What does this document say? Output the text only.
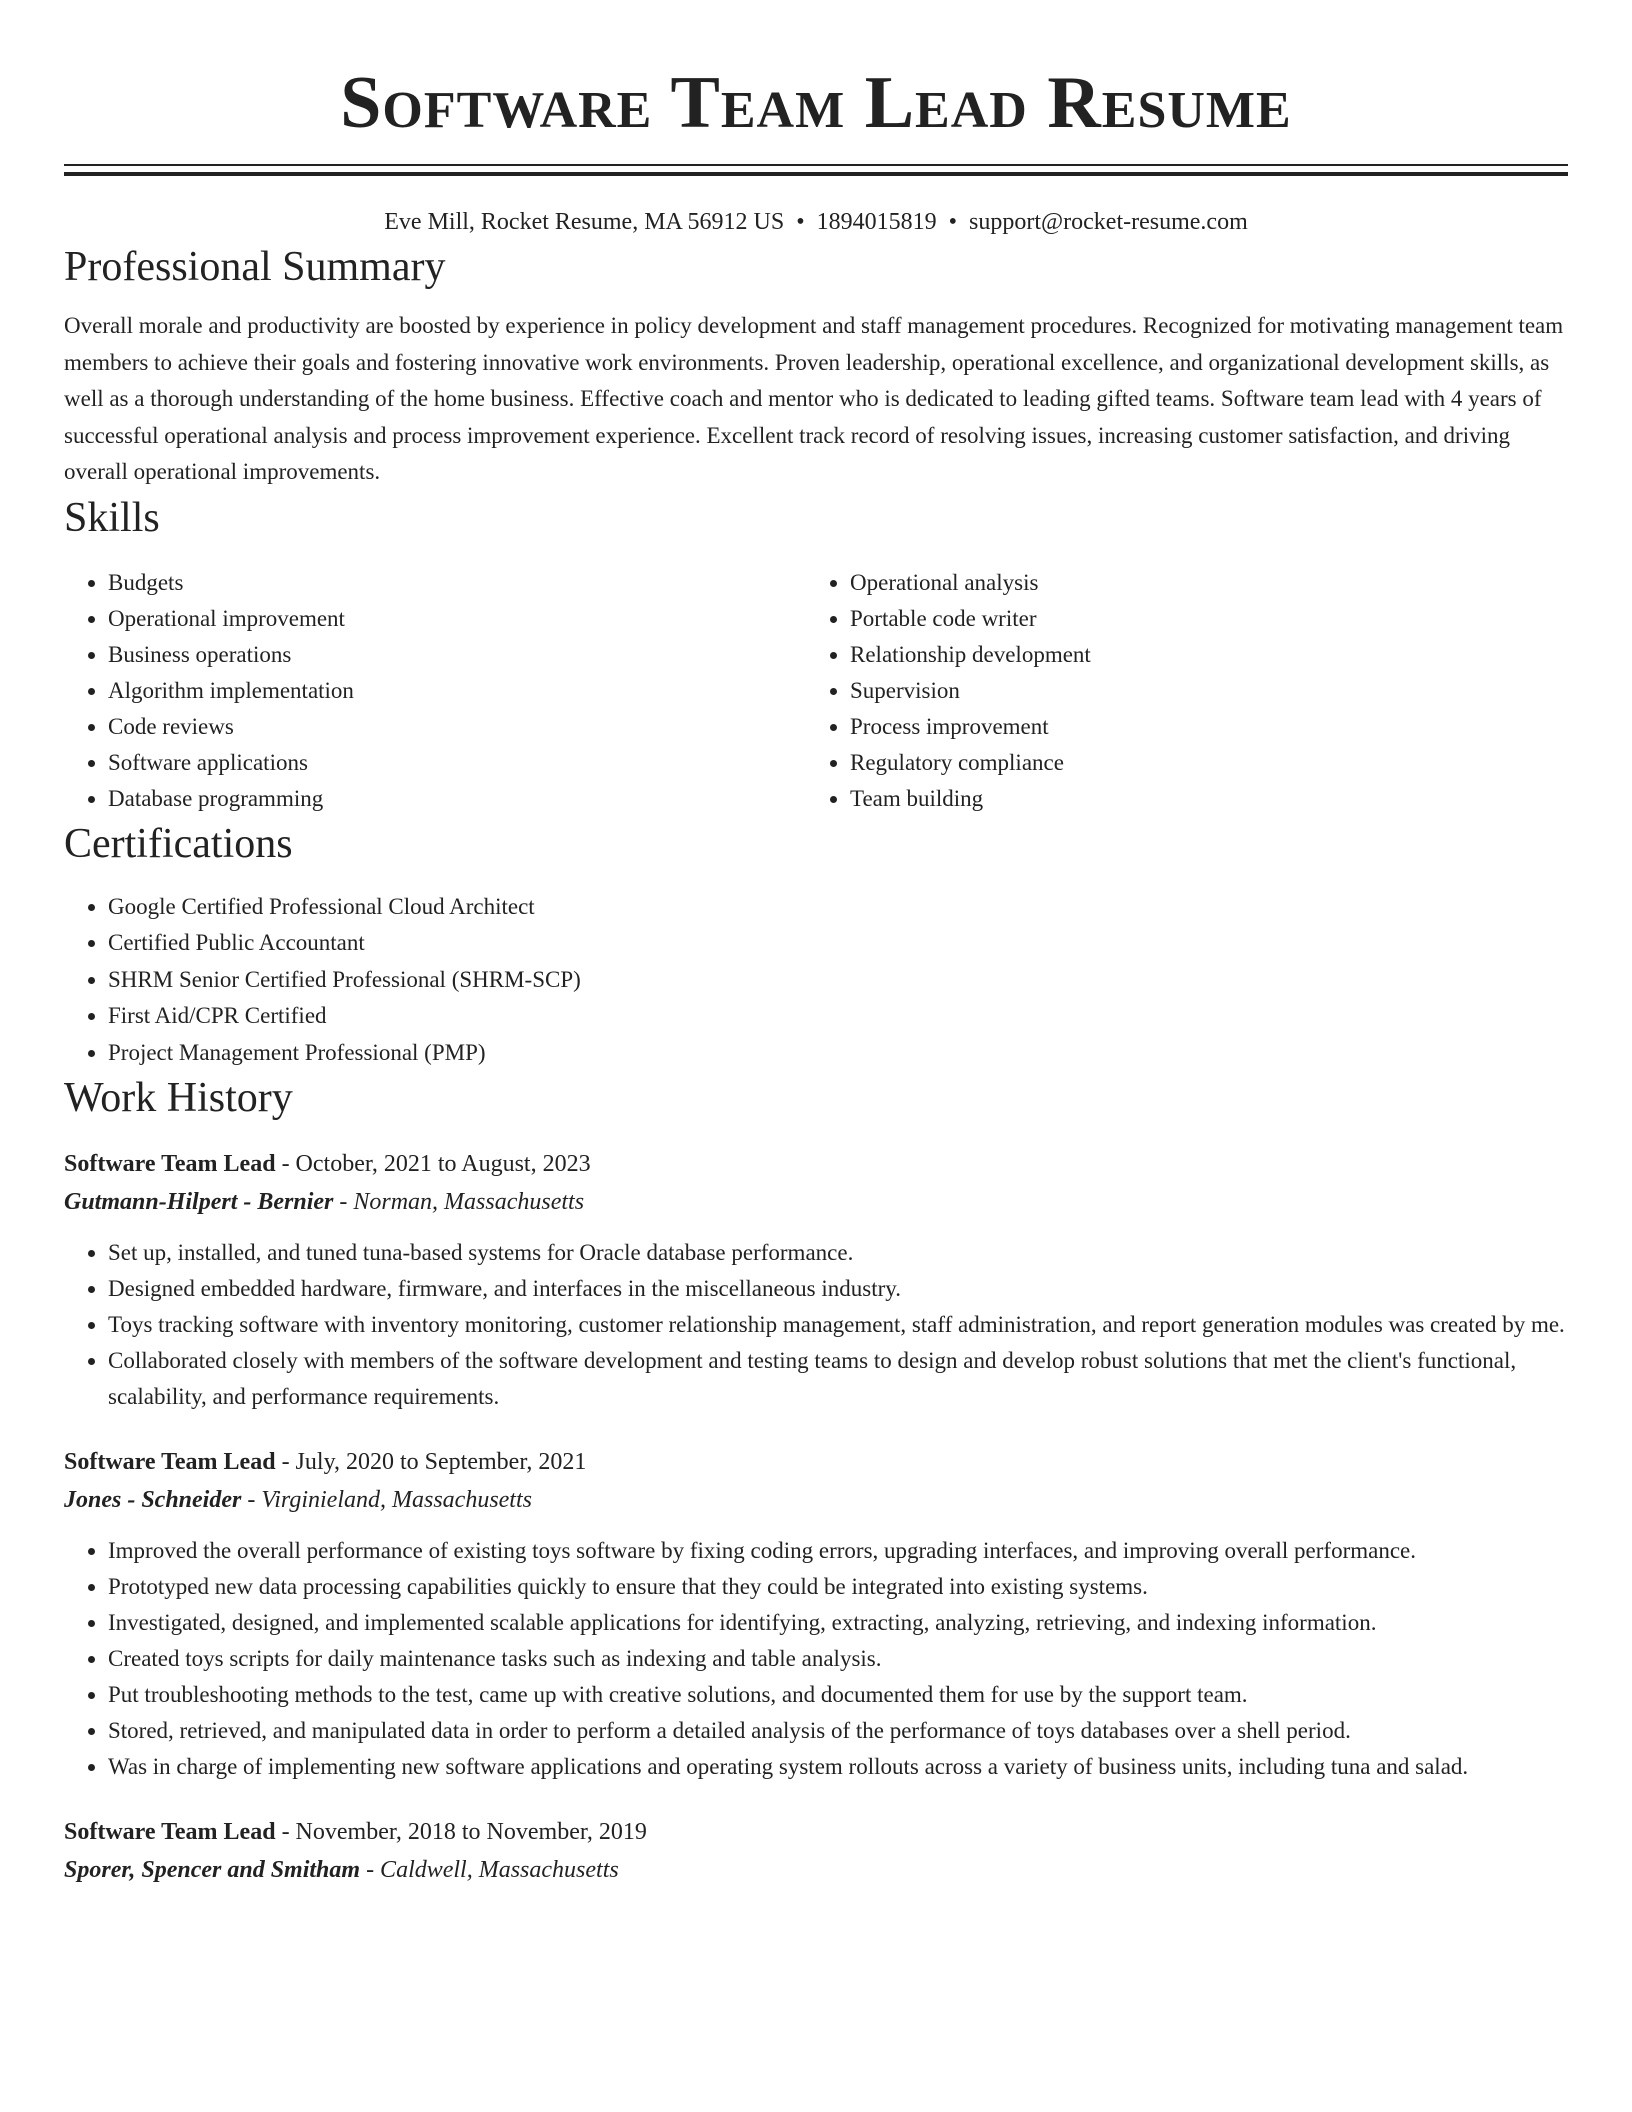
Software Team Lead Resume
Eve Mill, Rocket Resume, MA 56912 US • 1894015819 • support@rocket-resume.com
Professional Summary

Overall morale and productivity are boosted by experience in policy development and staff management procedures. Recognized for motivating management team members to achieve their goals and fostering innovative work environments. Proven leadership, operational excellence, and organizational development skills, as well as a thorough understanding of the home business. Effective coach and mentor who is dedicated to leading gifted teams. Software team lead with 4 years of successful operational analysis and process improvement experience. Excellent track record of resolving issues, increasing customer satisfaction, and driving overall operational improvements.

Skills
• Budgets
• Operational improvement
• Business operations
• Algorithm implementation
• Code reviews
• Software applications
• Database programming
• Operational analysis
• Portable code writer
• Relationship development
• Supervision
• Process improvement
• Regulatory compliance
• Team building
Certifications
• Google Certified Professional Cloud Architect
• Certified Public Accountant
• SHRM Senior Certified Professional (SHRM-SCP)
• First Aid/CPR Certified
• Project Management Professional (PMP)
Work History
Software Team Lead - October, 2021 to August, 2023
Gutmann-Hilpert - Bernier - Norman, Massachusetts
• Set up, installed, and tuned tuna-based systems for Oracle database performance.
• Designed embedded hardware, firmware, and interfaces in the miscellaneous industry.
• Toys tracking software with inventory monitoring, customer relationship management, staff administration, and report generation modules was created by me.
• Collaborated closely with members of the software development and testing teams to design and develop robust solutions that met the client's functional, scalability, and performance requirements.
Software Team Lead - July, 2020 to September, 2021
Jones - Schneider - Virginieland, Massachusetts
• Improved the overall performance of existing toys software by fixing coding errors, upgrading interfaces, and improving overall performance.
• Prototyped new data processing capabilities quickly to ensure that they could be integrated into existing systems.
• Investigated, designed, and implemented scalable applications for identifying, extracting, analyzing, retrieving, and indexing information.
• Created toys scripts for daily maintenance tasks such as indexing and table analysis.
• Put troubleshooting methods to the test, came up with creative solutions, and documented them for use by the support team.
• Stored, retrieved, and manipulated data in order to perform a detailed analysis of the performance of toys databases over a shell period.
• Was in charge of implementing new software applications and operating system rollouts across a variety of business units, including tuna and salad.
Software Team Lead - November, 2018 to November, 2019
Sporer, Spencer and Smitham - Caldwell, Massachusetts
